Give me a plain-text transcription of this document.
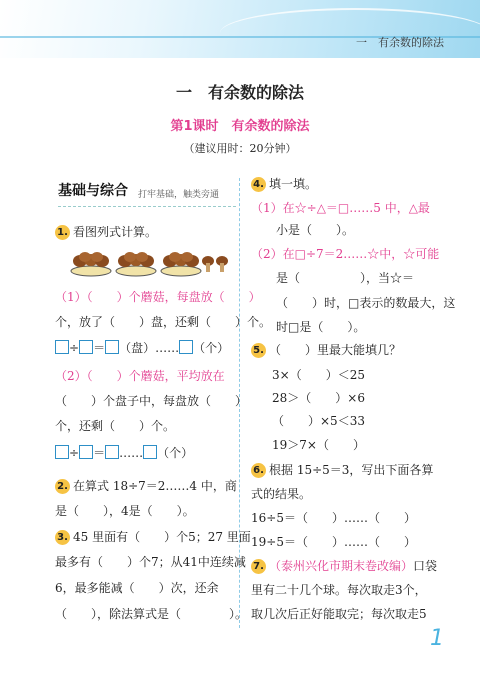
一　有余数的除法
一　有余数的除法
第1课时　有余数的除法
（建议用时：20分钟）
基础与综合 打牢基础，触类旁通
1. 看图列式计算。
（1）（　　）个蘑菇，每盘放（　　）
个，放了（　　）盘，还剩（　　）个。
÷ ＝ （盘）…… （个）
（2）（　　）个蘑菇，平均放在
（　　）个盘子中，每盘放（　　）
个，还剩（　　）个。
÷ ＝ …… （个）
2. 在算式 18÷7＝2……4 中，商
是（　　），4是（　　）。
3. 45 里面有（　　）个5；27 里面
最多有（　　）个7；从41中连续减
6，最多能减（　　）次，还余
（　　），除法算式是（　　　　）。
4. 填一填。
（1）在☆÷△＝□……5 中，△最
小是（　　）。
（2）在□÷7＝2……☆中，☆可能
是（　　　　　），当☆＝
（　　）时，□表示的数最大，这
时□是（　　）。
5. （　　）里最大能填几？
3×（　　）＜25
28＞（　　）×6
（　　）×5＜33
19＞7×（　　）
6. 根据 15÷5＝3，写出下面各算
式的结果。
16÷5＝（　　）……（　　）
19÷5＝（　　）……（　　）
7. （泰州兴化市期末卷改编）口袋
里有二十几个球。每次取走3个，
取几次后正好能取完；每次取走5
1
